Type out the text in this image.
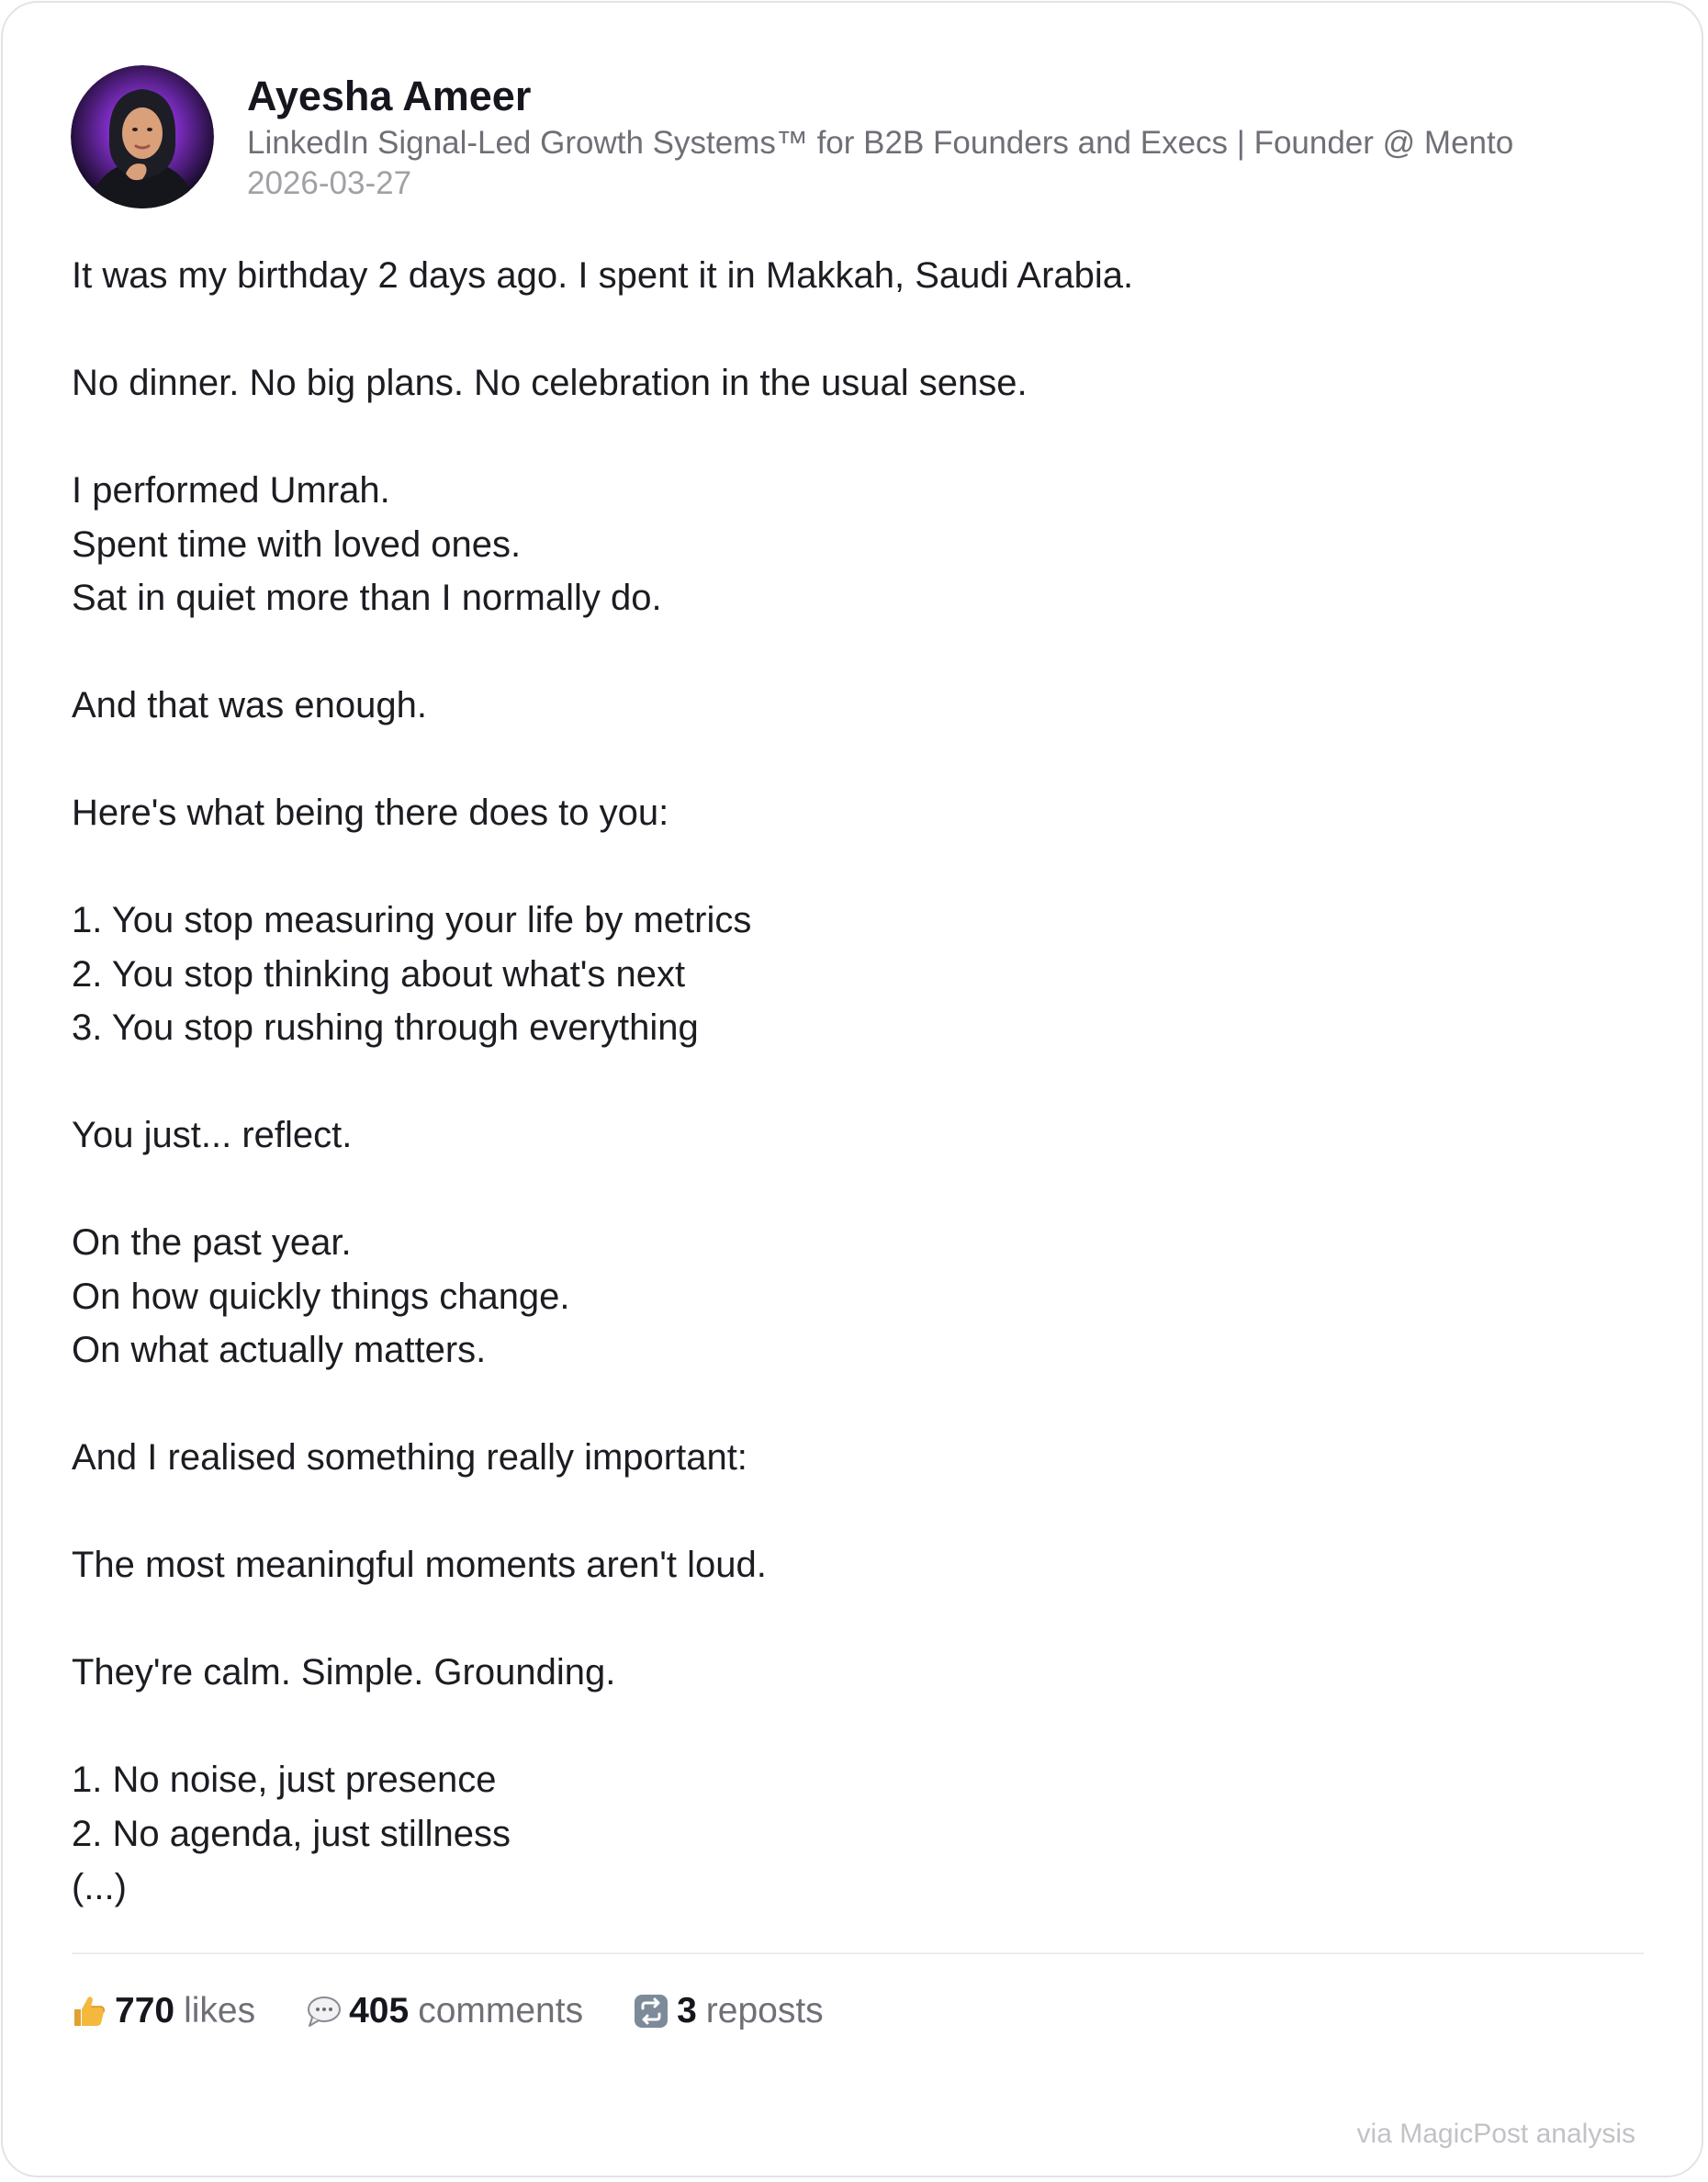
Ayesha Ameer
LinkedIn Signal-Led Growth Systems™ for B2B Founders and Execs | Founder @ Mento
2026-03-27
It was my birthday 2 days ago. I spent it in Makkah, Saudi Arabia.
No dinner. No big plans. No celebration in the usual sense.
I performed Umrah.
Spent time with loved ones.
Sat in quiet more than I normally do.
And that was enough.
Here's what being there does to you:
1. You stop measuring your life by metrics
2. You stop thinking about what's next
3. You stop rushing through everything
You just... reflect.
On the past year.
On how quickly things change.
On what actually matters.
And I realised something really important:
The most meaningful moments aren't loud.
They're calm. Simple. Grounding.
1. No noise, just presence
2. No agenda, just stillness
(...)
770 likes	405 comments	3 reposts
via MagicPost analysis
